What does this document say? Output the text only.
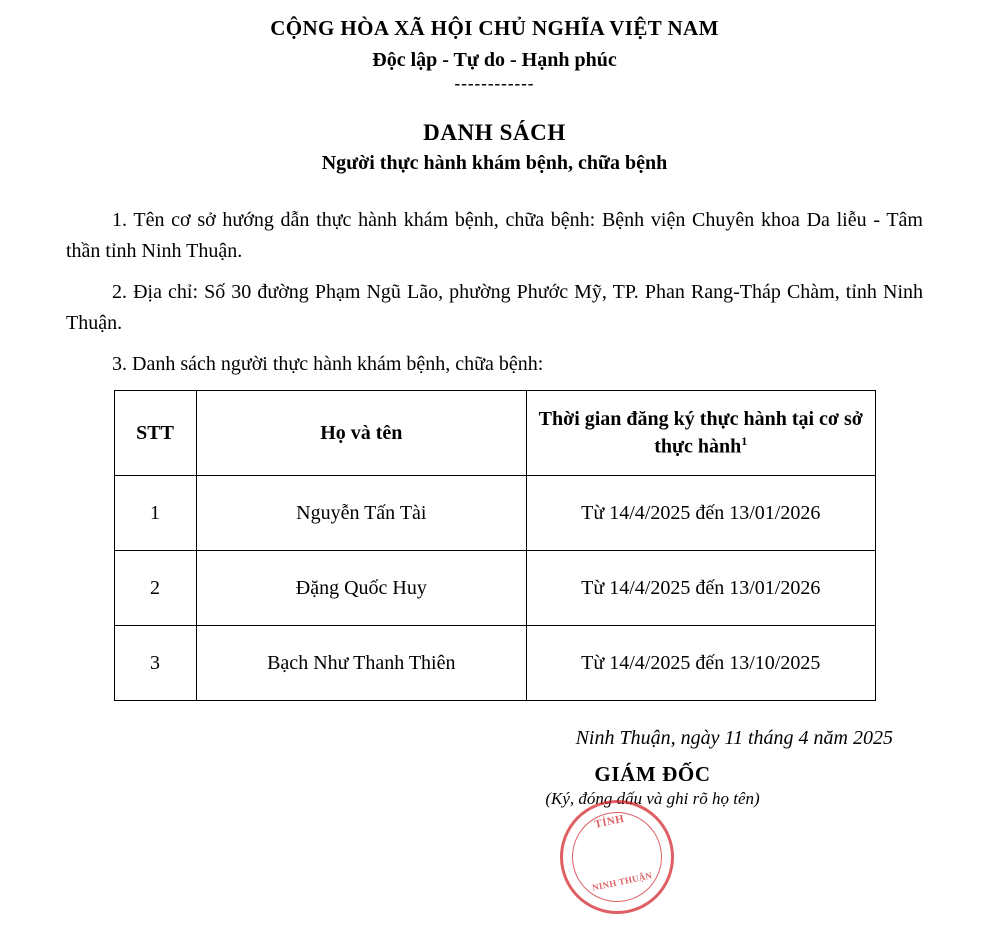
CỘNG HÒA XÃ HỘI CHỦ NGHĨA VIỆT NAM
Độc lập - Tự do - Hạnh phúc
------------
DANH SÁCH
Người thực hành khám bệnh, chữa bệnh

1. Tên cơ sở hướng dẫn thực hành khám bệnh, chữa bệnh: Bệnh viện Chuyên khoa Da liễu - Tâm thần tỉnh Ninh Thuận.

2. Địa chỉ: Số 30 đường Phạm Ngũ Lão, phường Phước Mỹ, TP. Phan Rang-Tháp Chàm, tỉnh Ninh Thuận.

3. Danh sách người thực hành khám bệnh, chữa bệnh:

STT	Họ và tên	Thời gian đăng ký thực hành tại cơ sở thực hành$^1$
1	Nguyễn Tấn Tài	Từ 14/4/2025 đến 13/01/2026
2	Đặng Quốc Huy	Từ 14/4/2025 đến 13/01/2026
3	Bạch Như Thanh Thiên	Từ 14/4/2025 đến 13/10/2025
Ninh Thuận, ngày 11 tháng 4 năm 2025
GIÁM ĐỐC
(Ký, đóng dấu và ghi rõ họ tên)
TỈNH
NINH THUẬN
